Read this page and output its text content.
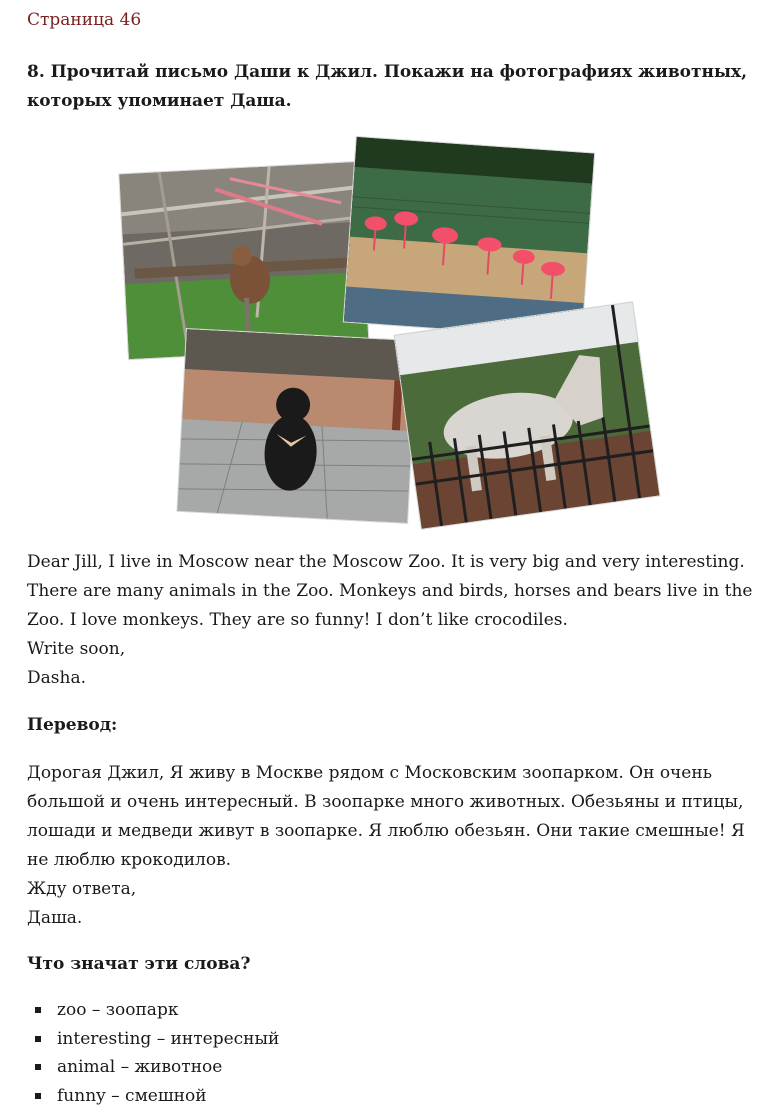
Страница 46

8. Прочитай письмо Даши к Джил. Покажи на фотографиях животных, которых упоминает Даша.

Dear Jill, I live in Moscow near the Moscow Zoo. It is very big and very interesting. There are many animals in the Zoo. Monkeys and birds, horses and bears live in the Zoo. I love monkeys. They are so funny! I don’t like crocodiles.
Write soon,
Dasha.
Перевод:
Дорогая Джил, Я живу в Москве рядом с Московским зоопарком. Он очень большой и очень интересный. В зоопарке много животных. Обезьяны и птицы, лошади и медведи живут в зоопарке. Я люблю обезьян. Они такие смешные! Я не люблю крокодилов.
Жду ответа,
Даша.
Что значат эти слова?
zoo – зоопарк
interesting – интересный
animal – животное
funny – смешной
